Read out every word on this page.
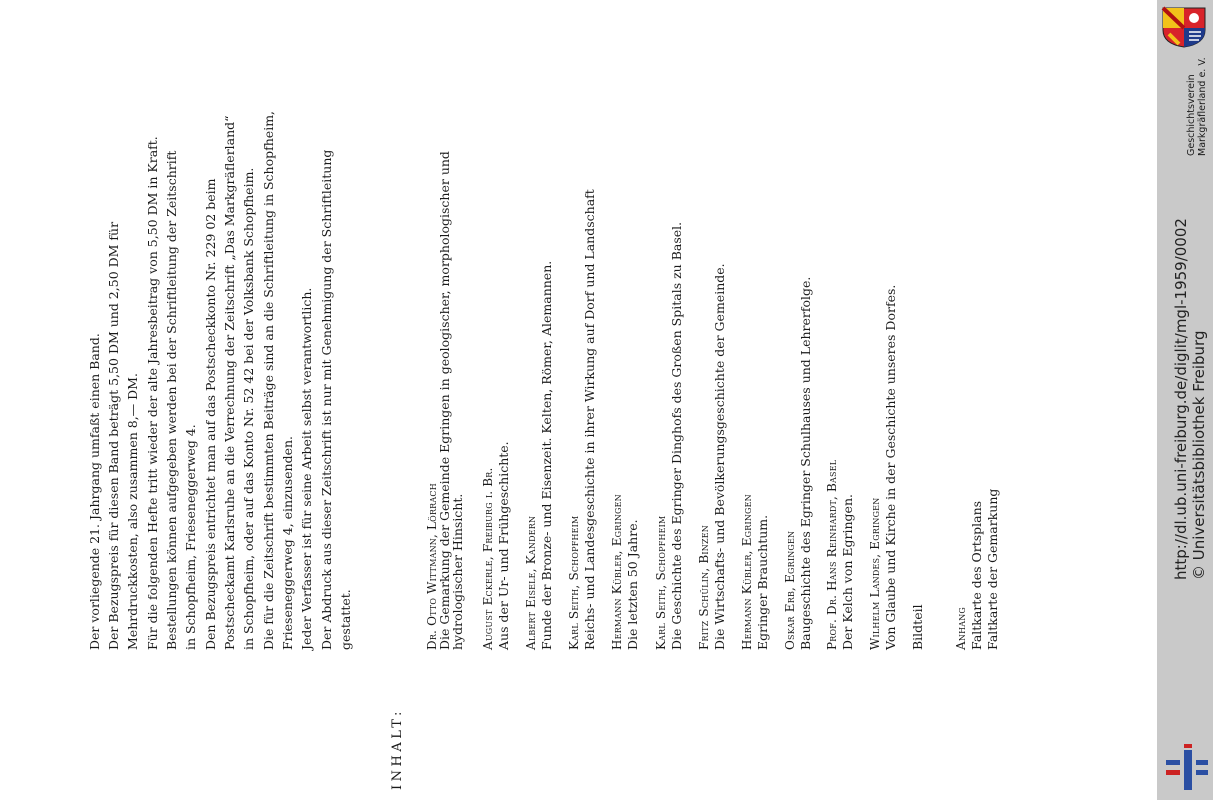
Der vorliegende 21. Jahrgang umfaßt einen Band. Der Bezugspreis für diesen Band beträgt 5,50 DM und 2,50 DM für Mehrdruckkosten, also zusammen 8,— DM. Für die folgenden Hefte tritt wieder der alte Jahresbeitrag von 5,50 DM in Kraft. Bestellungen können aufgegeben werden bei der Schriftleitung der Zeitschrift in Schopfheim, Frieseneggerweg 4. Den Bezugspreis entrichtet man auf das Postscheckkonto Nr. 229 02 beim Postscheckamt Karlsruhe an die Verrechnung der Zeitschrift „Das Markgräflerland“ in Schopfheim, oder auf das Konto Nr. 52 42 bei der Volksbank Schopfheim. Die für die Zeitschrift bestimmten Beiträge sind an die Schriftleitung in Schopfheim, Frieseneggerweg 4, einzusenden. Jeder Verfasser ist für seine Arbeit selbst verantwortlich. Der Abdruck aus dieser Zeitschrift ist nur mit Genehmigung der Schriftleitung gestattet.
INHALT:
Dr. Otto Wittmann, Lörrach
Die Gemarkung der Gemeinde Egringen in geologischer, morphologischer und
hydrologischer Hinsicht. August Eckerle, Freiburg i. Br. Aus der Ur- und Frühgeschichte. Albert Eisele, Kandern Funde der Bronze- und Eisenzeit. Kelten, Römer, Alemannen. Karl Seith, Schopfheim Reichs- und Landesgeschichte in ihrer Wirkung auf Dorf und Landschaft Hermann Kübler, Egringen Die letzten 50 Jahre. Karl Seith, Schopfheim Die Geschichte des Egringer Dinghofs des Großen Spitals zu Basel. Fritz Schülin, Binzen Die Wirtschafts- und Bevölkerungsgeschichte der Gemeinde. Hermann Kübler, Egringen Egringer Brauchtum. Oskar Erb, Egringen Baugeschichte des Egringer Schulhauses und Lehrerfolge. Prof. Dr. Hans Reinhardt, Basel Der Kelch von Egringen. Wilhelm Landes, Egringen Von Glaube und Kirche in der Geschichte unseres Dorfes. Bildteil Anhang Faltkarte des Ortsplans Faltkarte der Gemarkung
Geschichtsverein Markgräflerland e. V.
http://dl.ub.uni-freiburg.de/diglit/mgl-1959/0002 © Universitätsbibliothek Freiburg
